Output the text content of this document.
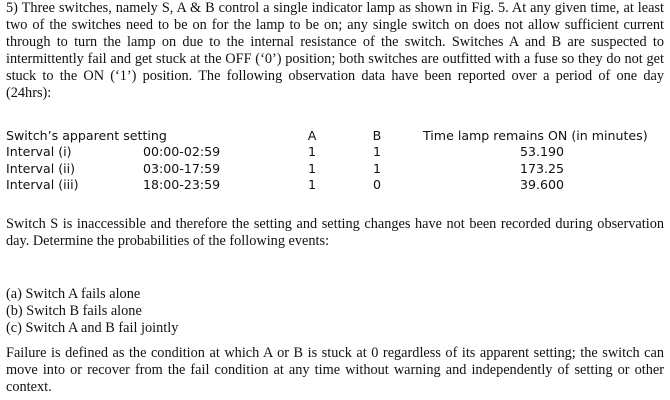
5) Three switches, namely S, A & B control a single indicator lamp as shown in Fig. 5. At any given time, at least two of the switches need to be on for the lamp to be on; any single switch on does not allow sufficient current through to turn the lamp on due to the internal resistance of the switch. Switches A and B are suspected to intermittently fail and get stuck at the OFF (‘0’) position; both switches are outfitted with a fuse so they do not get stuck to the ON (‘1’) position. The following observation data have been reported over a period of one day (24hrs):

Switch’s apparent setting	A	B	Time lamp remains ON (in minutes)
Interval (i)	00:00-02:59	1	1	53.190
Interval (ii)	03:00-17:59	1	1	173.25
Interval (iii)	18:00-23:59	1	0	39.600

Switch S is inaccessible and therefore the setting and setting changes have not been recorded during observation day. Determine the probabilities of the following events:

(a) Switch A fails alone

(b) Switch B fails alone

(c) Switch A and B fail jointly

Failure is defined as the condition at which A or B is stuck at 0 regardless of its apparent setting; the switch can move into or recover from the fail condition at any time without warning and independently of setting or other context.
